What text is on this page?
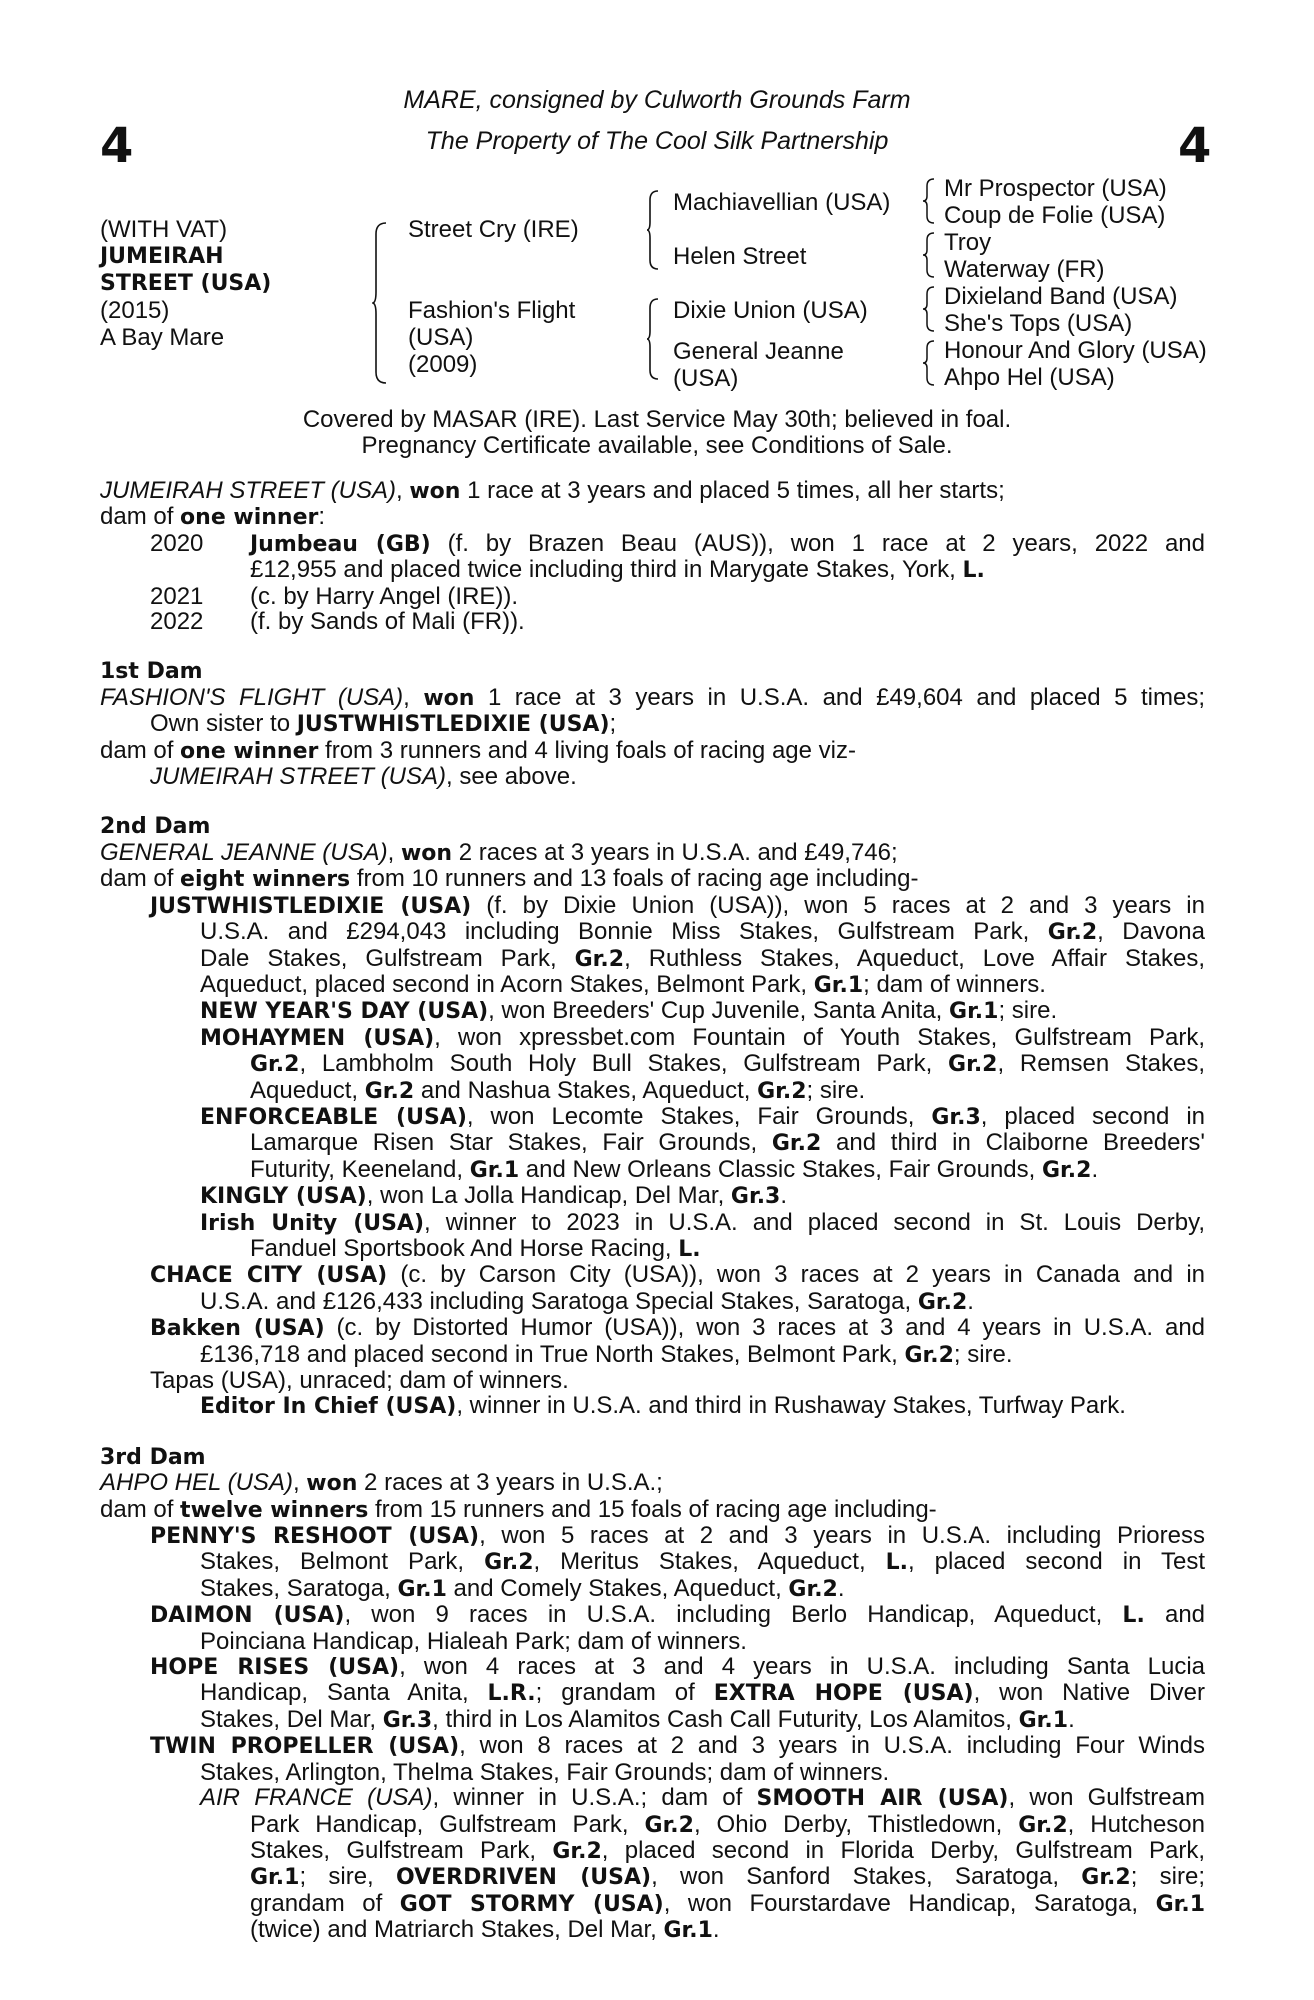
4	4
MARE, consigned by Culworth Grounds Farm
The Property of The Cool Silk Partnership
(WITH VAT)
JUMEIRAH
STREET (USA)
(2015)
A Bay Mare
Street Cry (IRE)
Fashion's Flight
(USA)
(2009)
Machiavellian (USA)
Helen Street
Dixie Union (USA)
General Jeanne
(USA)
Mr Prospector (USA)
Coup de Folie (USA)
Troy
Waterway (FR)
Dixieland Band (USA)
She's Tops (USA)
Honour And Glory (USA)
Ahpo Hel (USA)
Covered by MASAR (IRE). Last Service May 30th; believed in foal.
Pregnancy Certificate available, see Conditions of Sale.
JUMEIRAH STREET (USA), won 1 race at 3 years and placed 5 times, all her starts;
dam of one winner:
2020 Jumbeau (GB) (f. by Brazen Beau (AUS)), won 1 race at 2 years, 2022 and
£12,955 and placed twice including third in Marygate Stakes, York, L.
2021 (c. by Harry Angel (IRE)).
2022 (f. by Sands of Mali (FR)).
1st Dam
FASHION'S FLIGHT (USA), won 1 race at 3 years in U.S.A. and £49,604 and placed 5 times;
Own sister to JUSTWHISTLEDIXIE (USA);
dam of one winner from 3 runners and 4 living foals of racing age viz-
JUMEIRAH STREET (USA), see above.
2nd Dam
GENERAL JEANNE (USA), won 2 races at 3 years in U.S.A. and £49,746;
dam of eight winners from 10 runners and 13 foals of racing age including-
JUSTWHISTLEDIXIE (USA) (f. by Dixie Union (USA)), won 5 races at 2 and 3 years in
U.S.A. and £294,043 including Bonnie Miss Stakes, Gulfstream Park, Gr.2, Davona
Dale Stakes, Gulfstream Park, Gr.2, Ruthless Stakes, Aqueduct, Love Affair Stakes,
Aqueduct, placed second in Acorn Stakes, Belmont Park, Gr.1; dam of winners.
NEW YEAR'S DAY (USA), won Breeders' Cup Juvenile, Santa Anita, Gr.1; sire.
MOHAYMEN (USA), won xpressbet.com Fountain of Youth Stakes, Gulfstream Park,
Gr.2, Lambholm South Holy Bull Stakes, Gulfstream Park, Gr.2, Remsen Stakes,
Aqueduct, Gr.2 and Nashua Stakes, Aqueduct, Gr.2; sire.
ENFORCEABLE (USA), won Lecomte Stakes, Fair Grounds, Gr.3, placed second in
Lamarque Risen Star Stakes, Fair Grounds, Gr.2 and third in Claiborne Breeders'
Futurity, Keeneland, Gr.1 and New Orleans Classic Stakes, Fair Grounds, Gr.2.
KINGLY (USA), won La Jolla Handicap, Del Mar, Gr.3.
Irish Unity (USA), winner to 2023 in U.S.A. and placed second in St. Louis Derby,
Fanduel Sportsbook And Horse Racing, L.
CHACE CITY (USA) (c. by Carson City (USA)), won 3 races at 2 years in Canada and in
U.S.A. and £126,433 including Saratoga Special Stakes, Saratoga, Gr.2.
Bakken (USA) (c. by Distorted Humor (USA)), won 3 races at 3 and 4 years in U.S.A. and
£136,718 and placed second in True North Stakes, Belmont Park, Gr.2; sire.
Tapas (USA), unraced; dam of winners.
Editor In Chief (USA), winner in U.S.A. and third in Rushaway Stakes, Turfway Park.
3rd Dam
AHPO HEL (USA), won 2 races at 3 years in U.S.A.;
dam of twelve winners from 15 runners and 15 foals of racing age including-
PENNY'S RESHOOT (USA), won 5 races at 2 and 3 years in U.S.A. including Prioress
Stakes, Belmont Park, Gr.2, Meritus Stakes, Aqueduct, L., placed second in Test
Stakes, Saratoga, Gr.1 and Comely Stakes, Aqueduct, Gr.2.
DAIMON (USA), won 9 races in U.S.A. including Berlo Handicap, Aqueduct, L. and
Poinciana Handicap, Hialeah Park; dam of winners.
HOPE RISES (USA), won 4 races at 3 and 4 years in U.S.A. including Santa Lucia
Handicap, Santa Anita, L.R.; grandam of EXTRA HOPE (USA), won Native Diver
Stakes, Del Mar, Gr.3, third in Los Alamitos Cash Call Futurity, Los Alamitos, Gr.1.
TWIN PROPELLER (USA), won 8 races at 2 and 3 years in U.S.A. including Four Winds
Stakes, Arlington, Thelma Stakes, Fair Grounds; dam of winners.
AIR FRANCE (USA), winner in U.S.A.; dam of SMOOTH AIR (USA), won Gulfstream
Park Handicap, Gulfstream Park, Gr.2, Ohio Derby, Thistledown, Gr.2, Hutcheson
Stakes, Gulfstream Park, Gr.2, placed second in Florida Derby, Gulfstream Park,
Gr.1; sire, OVERDRIVEN (USA), won Sanford Stakes, Saratoga, Gr.2; sire;
grandam of GOT STORMY (USA), won Fourstardave Handicap, Saratoga, Gr.1
(twice) and Matriarch Stakes, Del Mar, Gr.1.
